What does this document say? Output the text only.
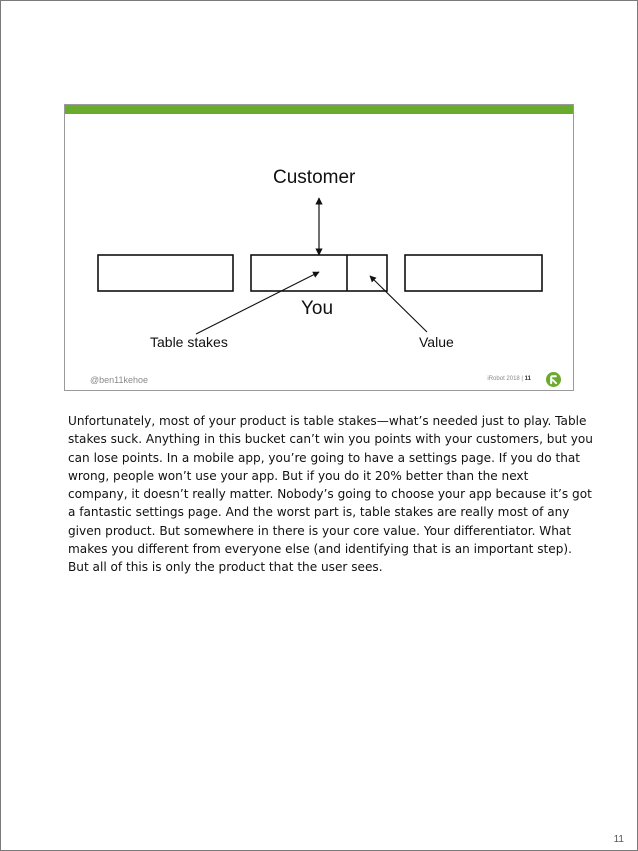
Customer
You
Table stakes	Value
@ben11kehoe	iRobot 2018 | 11
Unfortunately, most of your product is table stakes—what’s needed just to play. Table
stakes suck. Anything in this bucket can’t win you points with your customers, but you
can lose points. In a mobile app, you’re going to have a settings page. If you do that
wrong, people won’t use your app. But if you do it 20% better than the next
company, it doesn’t really matter. Nobody’s going to choose your app because it’s got
a fantastic settings page. And the worst part is, table stakes are really most of any
given product. But somewhere in there is your core value. Your differentiator. What
makes you different from everyone else (and identifying that is an important step).
But all of this is only the product that the user sees.
11
